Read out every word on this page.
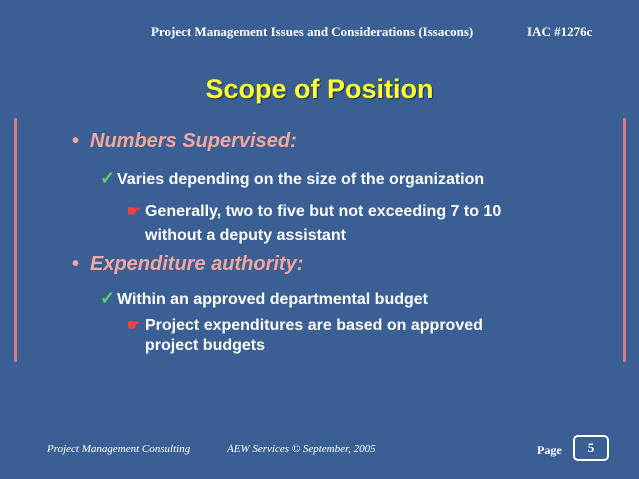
Project Management Issues and Considerations (Issacons)	IAC #1276c
Scope of Position
• Numbers Supervised:
✓ Varies depending on the size of the organization
☛ Generally, two to five but not exceeding 7 to 10
without a deputy assistant
• Expenditure authority:
✓ Within an approved departmental budget
☛ Project expenditures are based on approved
project budgets
Project Management Consulting	AEW Services © September, 2005	Page	5
